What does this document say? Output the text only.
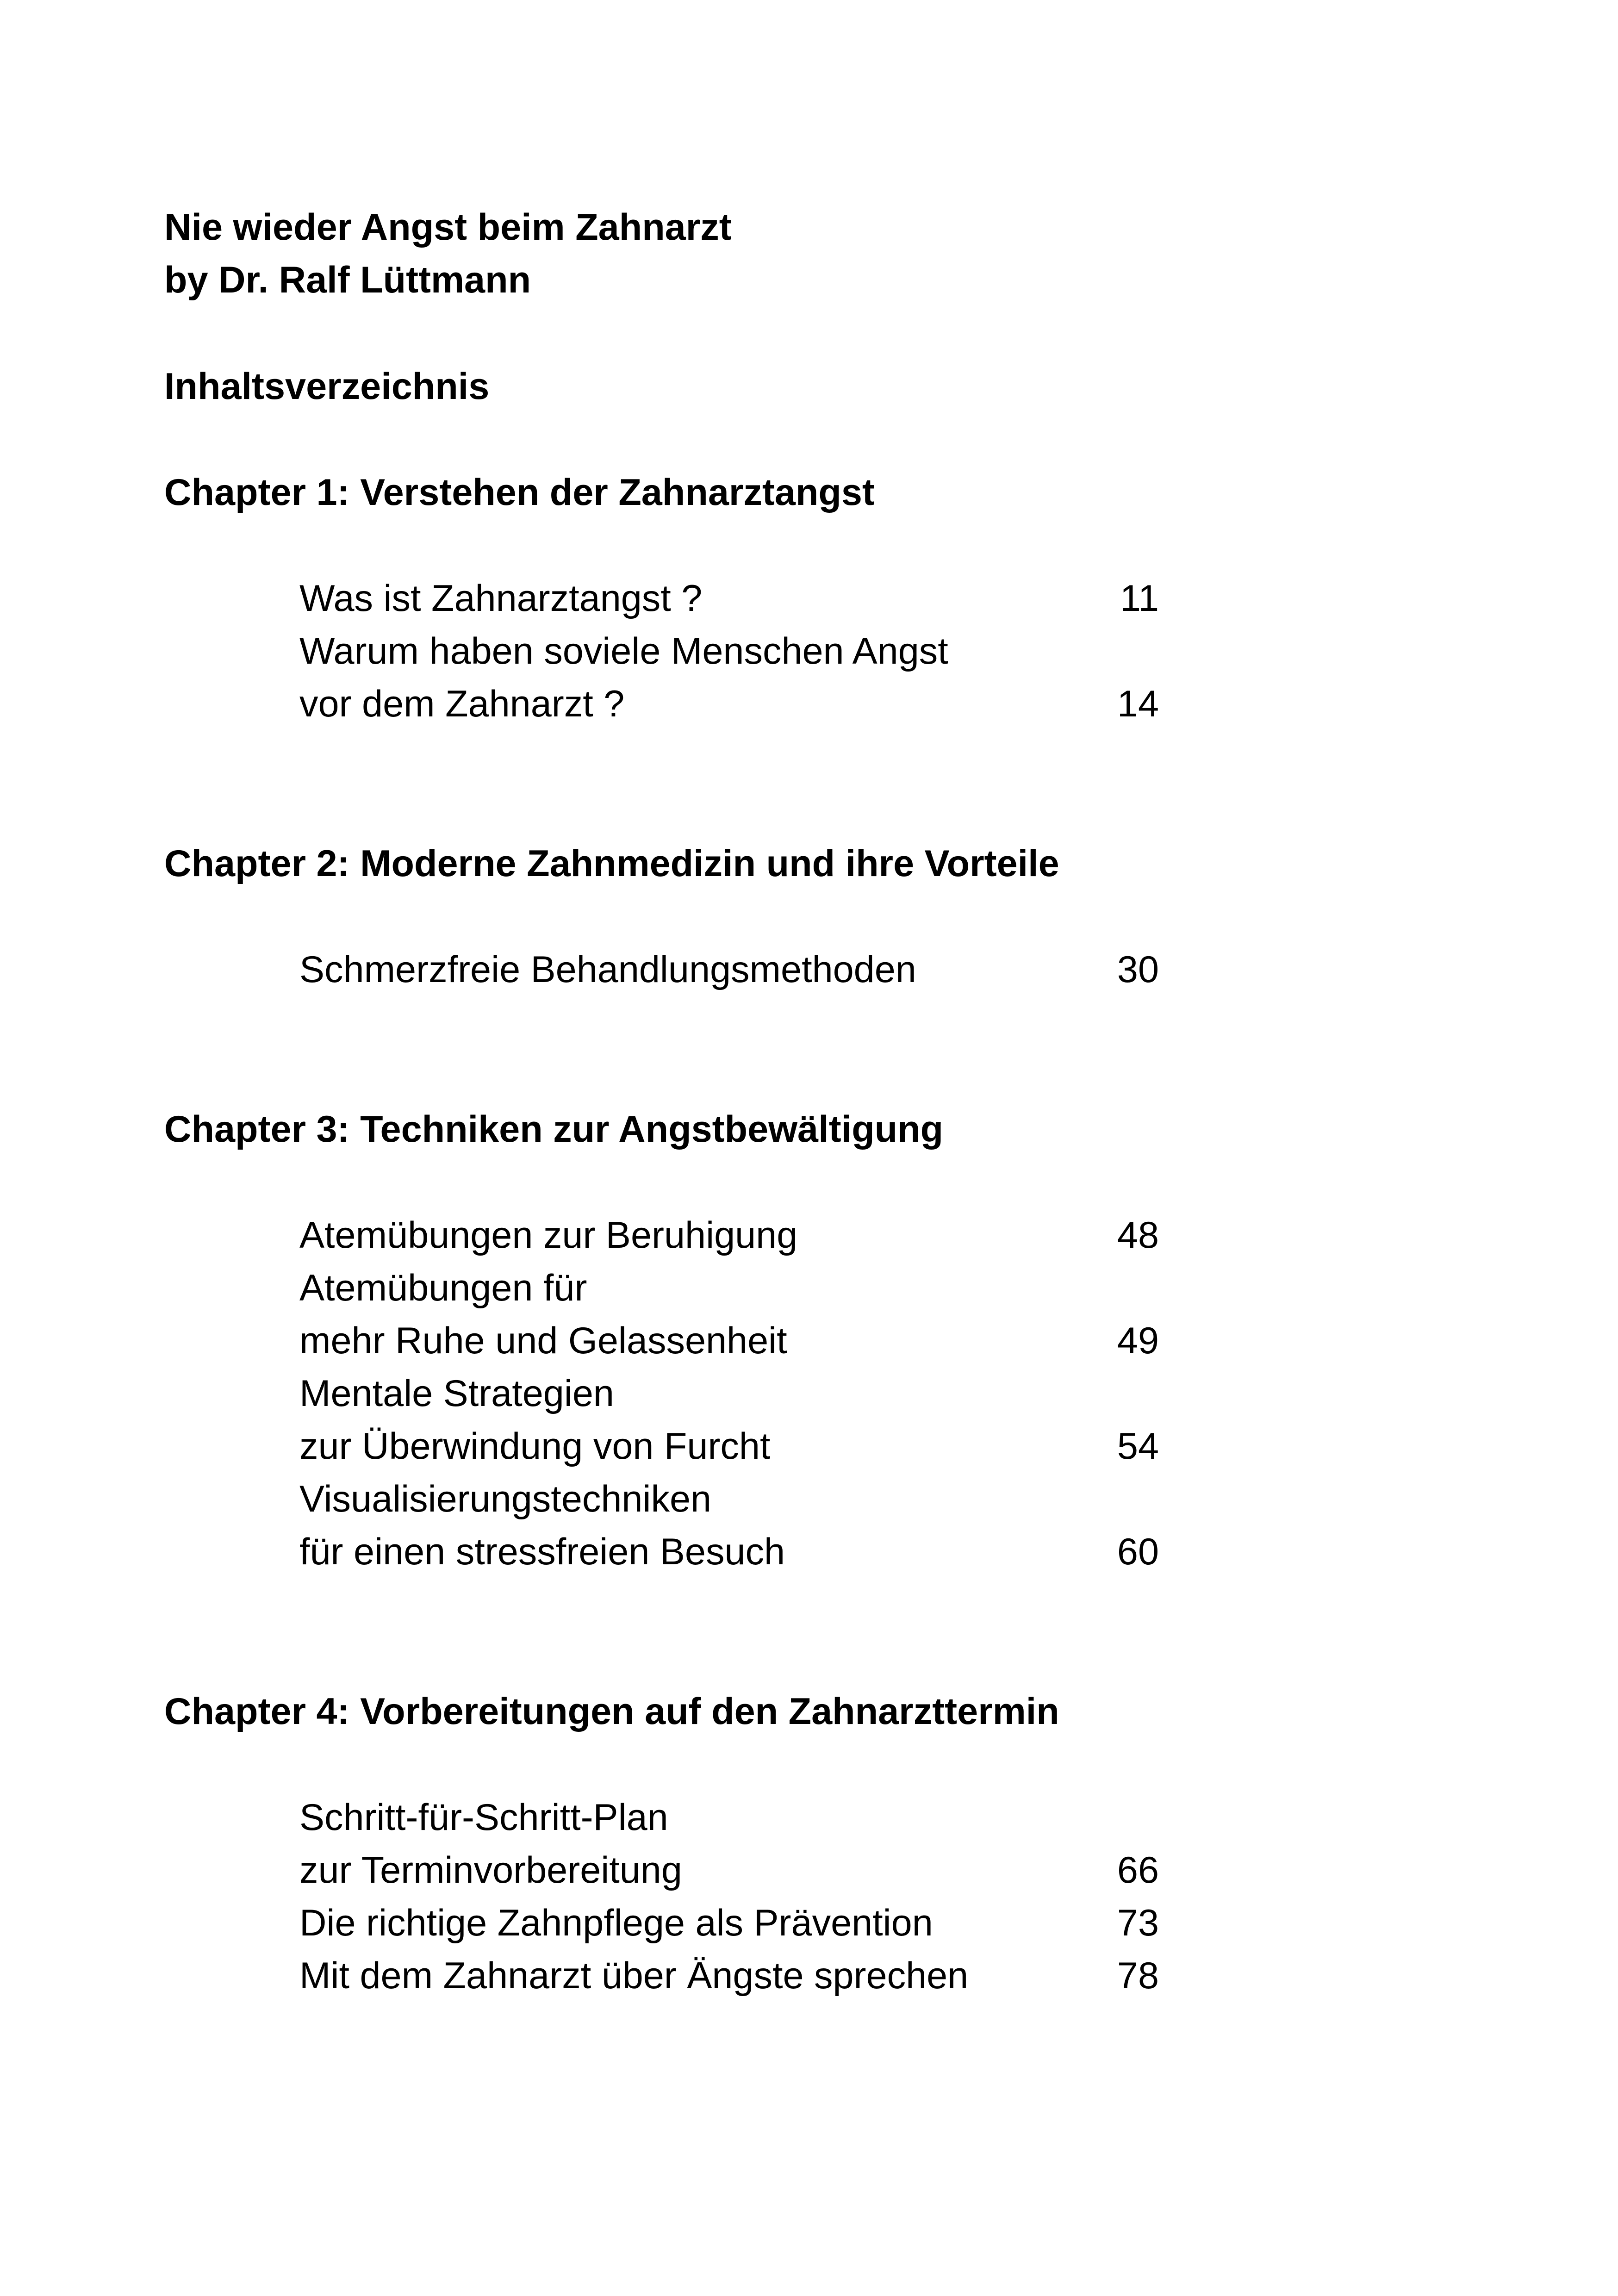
Nie wieder Angst beim Zahnarzt
by Dr. Ralf Lüttmann
Inhaltsverzeichnis
Chapter 1: Verstehen der Zahnarztangst
Was ist Zahnarztangst ?	11
Warum haben soviele Menschen Angst
vor dem Zahnarzt ?	14
Chapter 2: Moderne Zahnmedizin und ihre Vorteile
Schmerzfreie Behandlungsmethoden	30
Chapter 3: Techniken zur Angstbewältigung
Atemübungen zur Beruhigung	48
Atemübungen für
mehr Ruhe und Gelassenheit	49
Mentale Strategien
zur Überwindung von Furcht	54
Visualisierungstechniken
für einen stressfreien Besuch	60
Chapter 4: Vorbereitungen auf den Zahnarzttermin
Schritt-für-Schritt-Plan
zur Terminvorbereitung	66
Die richtige Zahnpflege als Prävention	73
Mit dem Zahnarzt über Ängste sprechen	78
